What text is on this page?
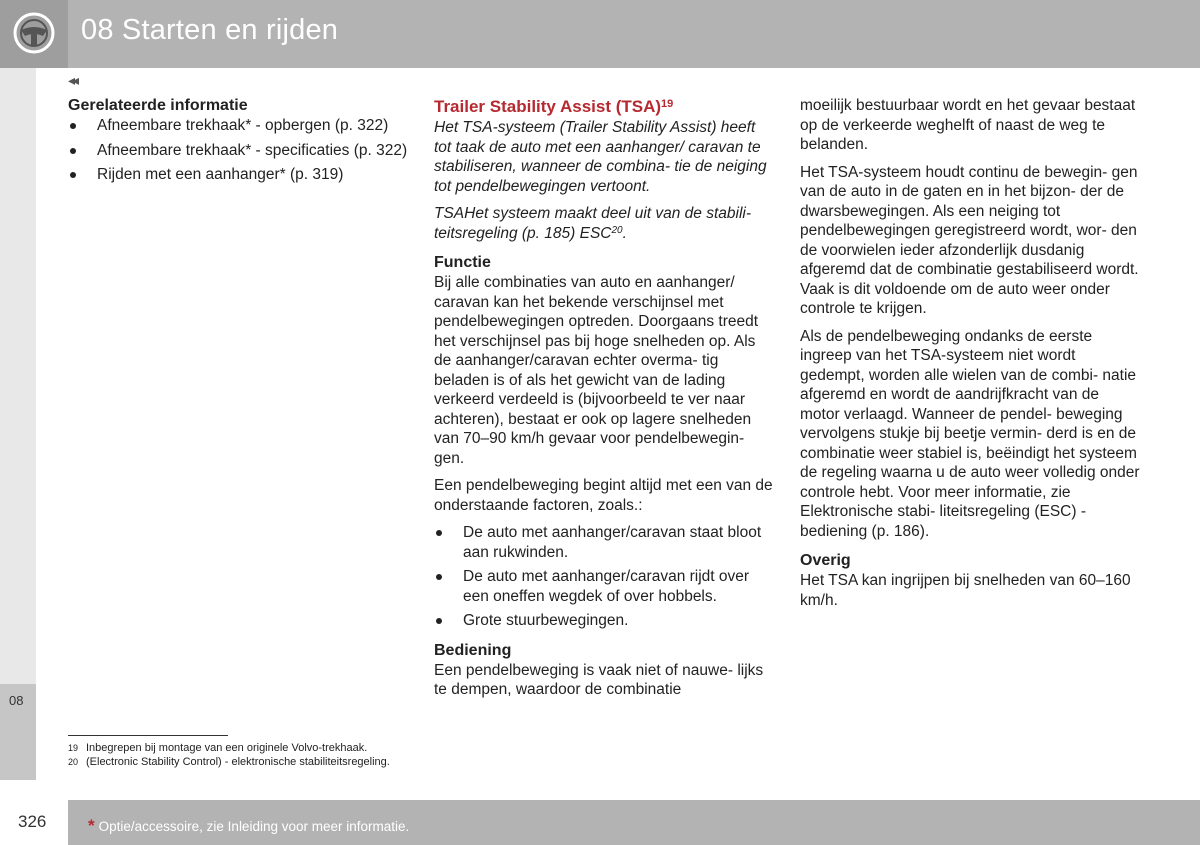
08 Starten en rijden
◂◂
08
Gerelateerde informatie
Afneembare trekhaak* - opbergen (p. 322)
Afneembare trekhaak* - specificaties (p. 322)
Rijden met een aanhanger* (p. 319)
Trailer Stability Assist (TSA)$^{19}$

Het TSA-systeem (Trailer Stability Assist) heeft tot taak de auto met een aanhanger/ caravan te stabiliseren, wanneer de combina- tie de neiging tot pendelbewegingen vertoont.

TSAHet systeem maakt deel uit van de stabili- teitsregeling (p. 185) ESC$^{20}$.

Functie

Bij alle combinaties van auto en aanhanger/ caravan kan het bekende verschijnsel met pendelbewegingen optreden. Doorgaans treedt het verschijnsel pas bij hoge snelheden op. Als de aanhanger/caravan echter overma- tig beladen is of als het gewicht van de lading verkeerd verdeeld is (bijvoorbeeld te ver naar achteren), bestaat er ook op lagere snelheden van 70–90 km/h gevaar voor pendelbewegin- gen.

Een pendelbeweging begint altijd met een van de onderstaande factoren, zoals.:

De auto met aanhanger/caravan staat bloot aan rukwinden.
De auto met aanhanger/caravan rijdt over een oneffen wegdek of over hobbels.
Grote stuurbewegingen.
Bediening

Een pendelbeweging is vaak niet of nauwe- lijks te dempen, waardoor de combinatie

moeilijk bestuurbaar wordt en het gevaar bestaat op de verkeerde weghelft of naast de weg te belanden.

Het TSA-systeem houdt continu de bewegin- gen van de auto in de gaten en in het bijzon- der de dwarsbewegingen. Als een neiging tot pendelbewegingen geregistreerd wordt, wor- den de voorwielen ieder afzonderlijk dusdanig afgeremd dat de combinatie gestabiliseerd wordt. Vaak is dit voldoende om de auto weer onder controle te krijgen.

Als de pendelbeweging ondanks de eerste ingreep van het TSA-systeem niet wordt gedempt, worden alle wielen van de combi- natie afgeremd en wordt de aandrijfkracht van de motor verlaagd. Wanneer de pendel- beweging vervolgens stukje bij beetje vermin- derd is en de combinatie weer stabiel is, beëindigt het systeem de regeling waarna u de auto weer volledig onder controle hebt. Voor meer informatie, zie Elektronische stabi- liteitsregeling (ESC) - bediening (p. 186).

Overig

Het TSA kan ingrijpen bij snelheden van 60–160 km/h.

19 Inbegrepen bij montage van een originele Volvo-trekhaak.
20 (Electronic Stability Control) - elektronische stabiliteitsregeling.
326 * Optie/accessoire, zie Inleiding voor meer informatie.
